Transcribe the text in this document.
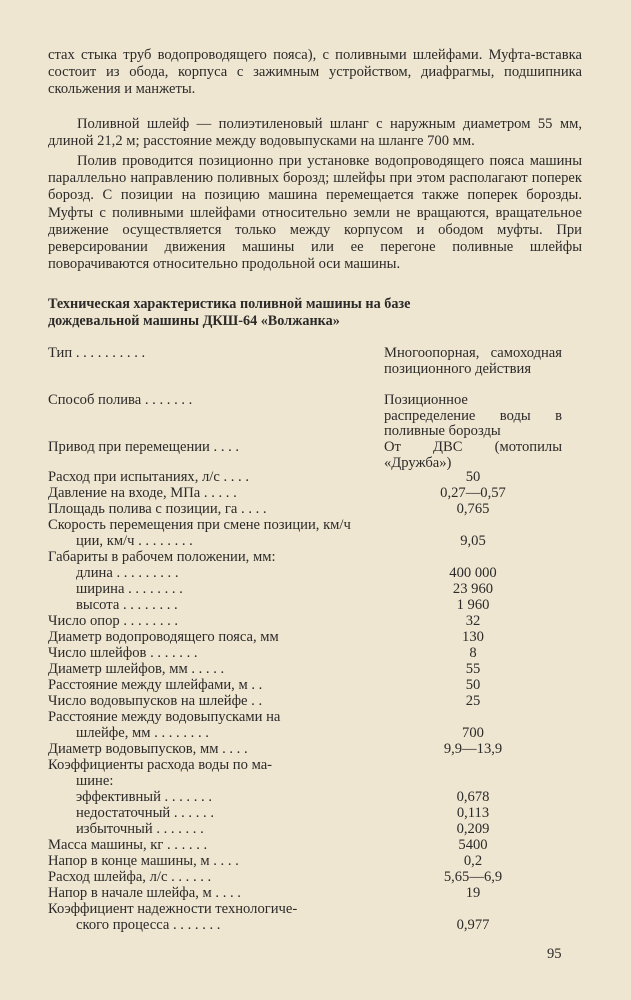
стах стыка труб водопроводящего пояса), с поливными шлейфами. Муфта-вставка состоит из обода, корпуса с зажимным устройством, диафрагмы, подшипника скольжения и манжеты.

Поливной шлейф — полиэтиленовый шланг с наружным диаметром 55 мм, длиной 21,2 м; расстояние между водовыпусками на шланге 700 мм.

Полив проводится позиционно при установке водопроводящего пояса машины параллельно направлению поливных борозд; шлейфы при этом располагают поперек борозд. С позиции на позицию машина перемещается также поперек борозды. Муфты с поливными шлейфами относительно земли не вращаются, вращательное движение осуществляется только между корпусом и ободом муфты. При реверсировании движения машины или ее перегоне поливные шлейфы поворачиваются относительно продольной оси машины.

Техническая характеристика поливной машины на базе
дождевальной машины ДКШ-64 «Волжанка»
Тип . . . . . . . . . .	Многоопорная, самоходная позиционного действия
Способ полива . . . . . . .	Позиционное распределение воды в поливные борозды
Привод при перемещении . . . .	От ДВС (мотопилы «Дружба»)
Расход при испытаниях, л/с . . . .	50
Давление на входе, МПа . . . . .	0,27—0,57
Площадь полива с позиции, га . . . .	0,765
Скорость перемещения при смене позиции, км/ч
ции, км/ч . . . . . . . .	9,05
Габариты в рабочем положении, мм:
длина . . . . . . . . .	400 000
ширина . . . . . . . .	23 960
высота . . . . . . . .	1 960
Число опор . . . . . . . .	32
Диаметр водопроводящего пояса, мм	130
Число шлейфов . . . . . . .	8
Диаметр шлейфов, мм . . . . .	55
Расстояние между шлейфами, м . .	50
Число водовыпусков на шлейфе . .	25
Расстояние между водовыпусками на
шлейфе, мм . . . . . . . .	700
Диаметр водовыпусков, мм . . . .	9,9—13,9
Коэффициенты расхода воды по ма-
шине:
эффективный . . . . . . .	0,678
недостаточный . . . . . .	0,113
избыточный . . . . . . .	0,209
Масса машины, кг . . . . . .	5400
Напор в конце машины, м . . . .	0,2
Расход шлейфа, л/с . . . . . .	5,65—6,9
Напор в начале шлейфа, м . . . .	19
Коэффициент надежности технологиче-
ского процесса . . . . . . .	0,977
95
